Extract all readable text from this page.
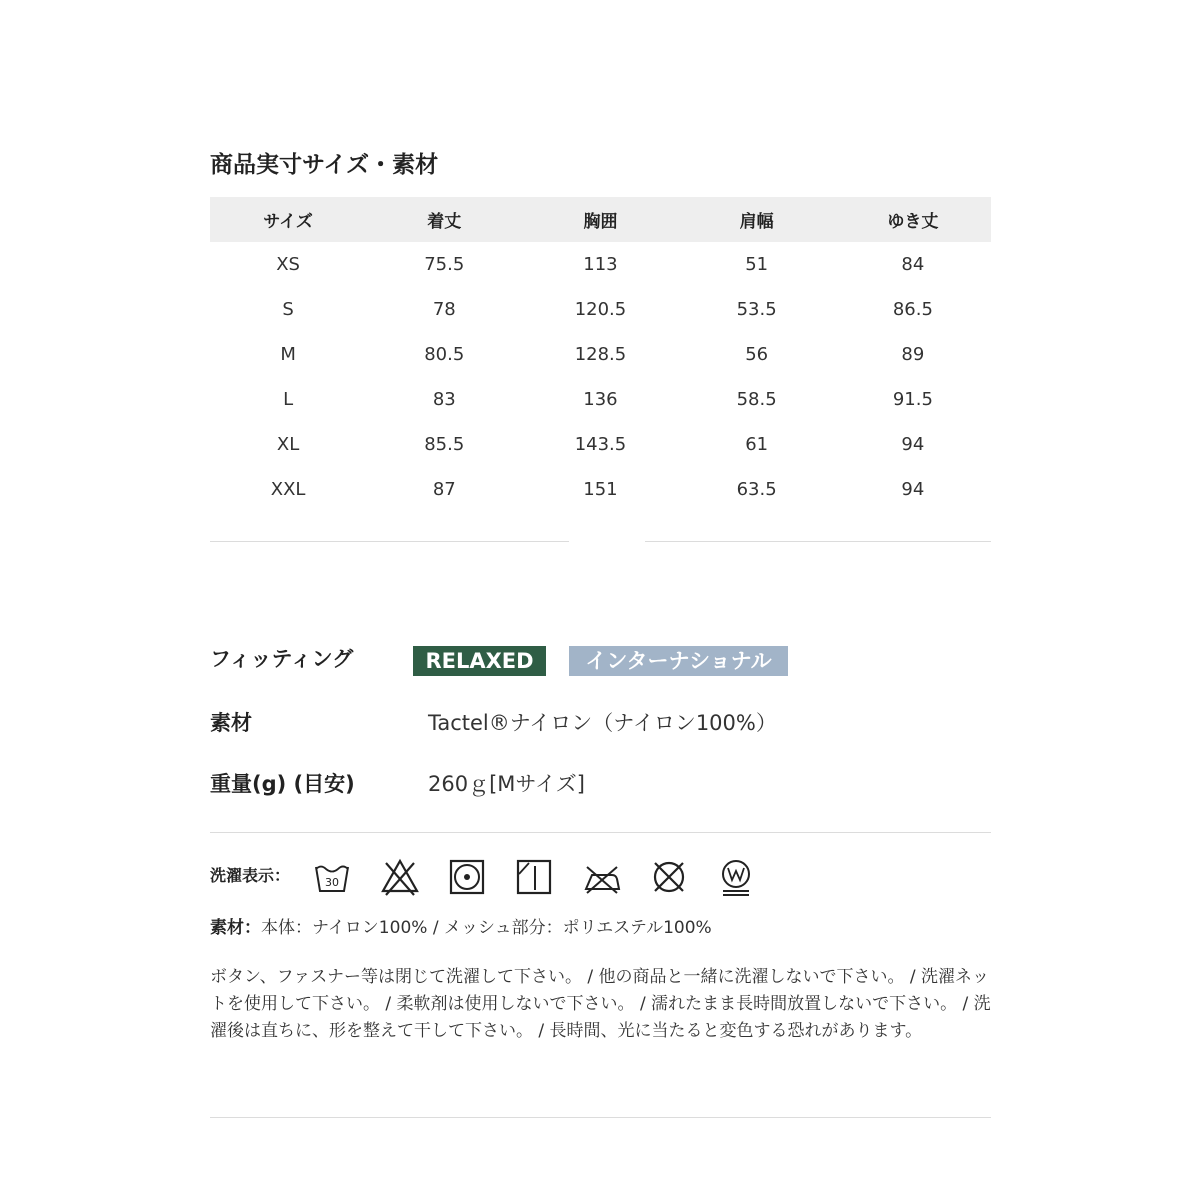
商品実寸サイズ・素材
サイズ	着丈	胸囲	肩幅	ゆき丈
XS	75.5	113	51	84
S	78	120.5	53.5	86.5
M	80.5	128.5	56	89
L	83	136	58.5	91.5
XL	85.5	143.5	61	94
XXL	87	151	63.5	94
フィッティング	RELAXED	インターナショナル
素材	Tactel®ナイロン（ナイロン100%）
重量(g) (目安)	260ｇ[Mサイズ]
洗濯表示：	30
素材：本体：ナイロン100% / メッシュ部分：ポリエステル100%

ボタン、ファスナー等は閉じて洗濯して下さい。 / 他の商品と一緒に洗濯しないで下さい。 / 洗濯ネットを使用して下さい。 / 柔軟剤は使用しないで下さい。 / 濡れたまま長時間放置しないで下さい。 / 洗濯後は直ちに、形を整えて干して下さい。 / 長時間、光に当たると変色する恐れがあります。
